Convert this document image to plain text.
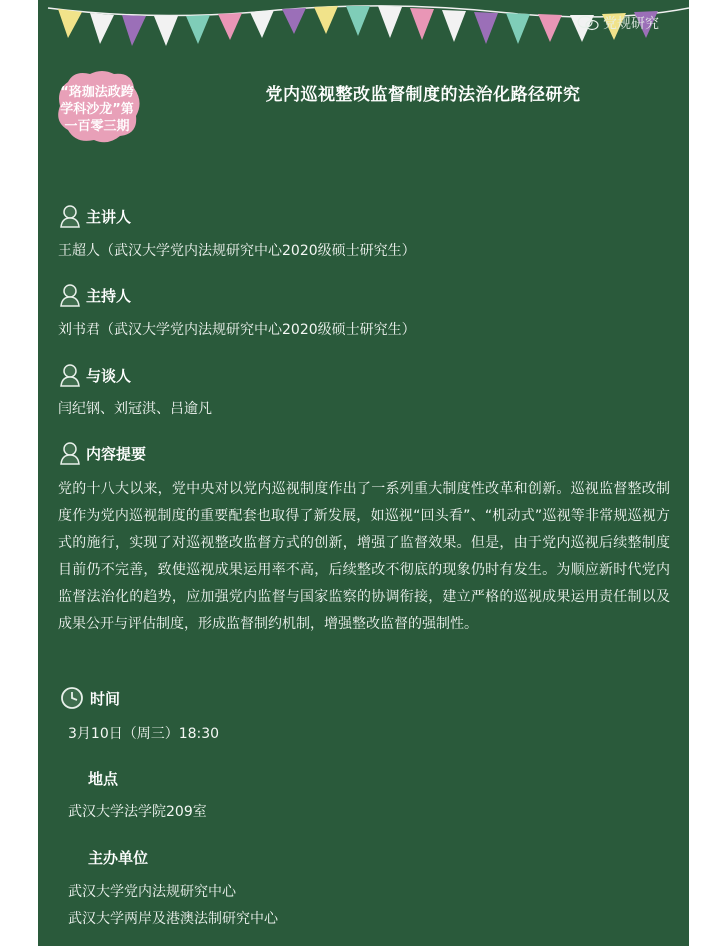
党规研究
“珞珈法政跨学科沙龙”第一百零三期
党内巡视整改监督制度的法治化路径研究
主讲人
王超人（武汉大学党内法规研究中心2020级硕士研究生）
主持人
刘书君（武汉大学党内法规研究中心2020级硕士研究生）
与谈人
闫纪钢、刘冠淇、吕逾凡
内容提要
党的十八大以来，党中央对以党内巡视制度作出了一系列重大制度性改革和创新。巡视监督整改制度作为党内巡视制度的重要配套也取得了新发展，如巡视“回头看”、“机动式”巡视等非常规巡视方式的施行，实现了对巡视整改监督方式的创新，增强了监督效果。但是，由于党内巡视后续整制度目前仍不完善，致使巡视成果运用率不高，后续整改不彻底的现象仍时有发生。为顺应新时代党内监督法治化的趋势，应加强党内监督与国家监察的协调衔接，建立严格的巡视成果运用责任制以及成果公开与评估制度，形成监督制约机制，增强整改监督的强制性。
时间
3月10日（周三）18:30
地点
武汉大学法学院209室
主办单位
武汉大学党内法规研究中心
武汉大学两岸及港澳法制研究中心
